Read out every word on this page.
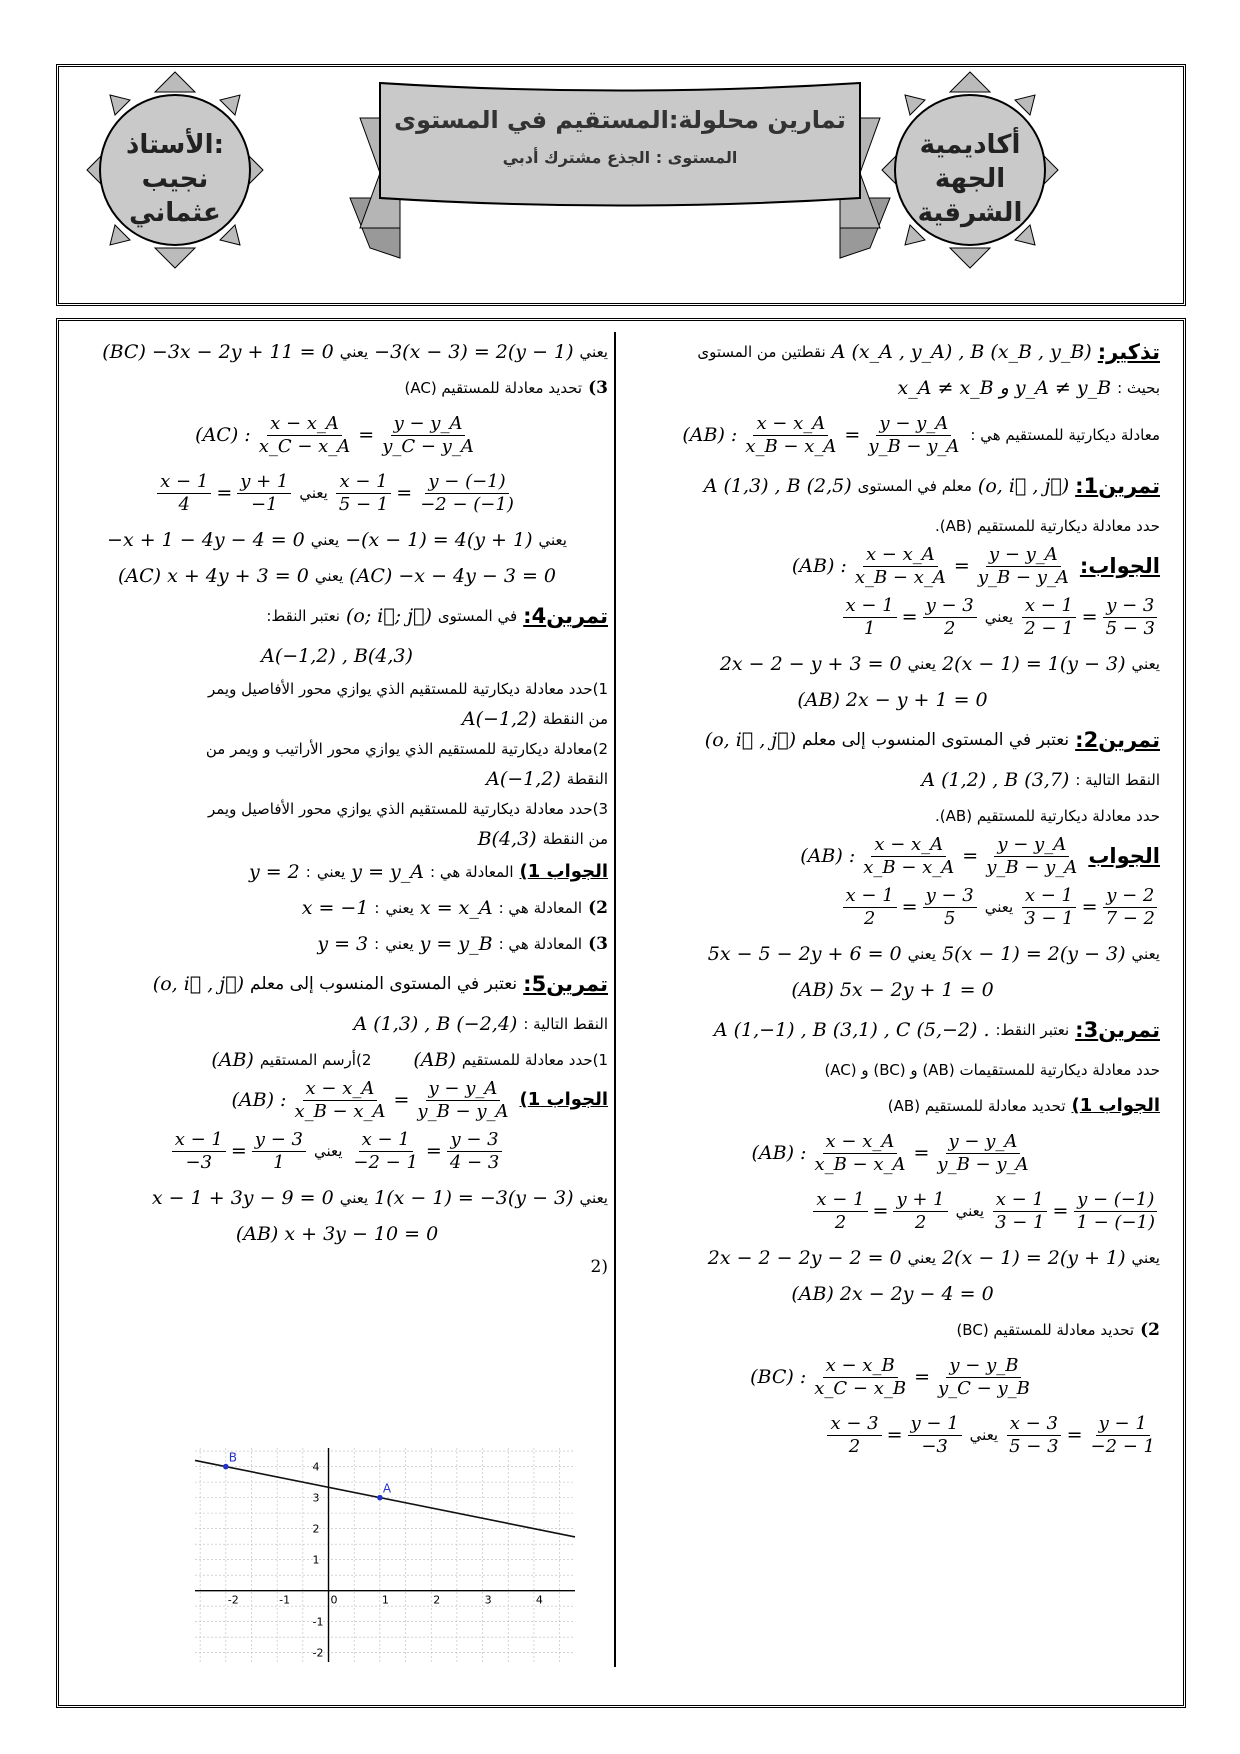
أكاديمية
الجهة
الشرقية
الأستاذ:
نجيب
عثماني
تمارين محلولة:المستقيم في المستوى
المستوى : الجذع مشترك أدبي
تذكير:
A (x_A , y_A) , B (x_B , y_B)
نقطتين من المستوى
بحيث :
x_A ≠ x_B و y_A ≠ y_B
معادلة ديكارتية للمستقيم هي :
(AB) : $\frac{x - x\_A}{x\_B - x\_A} = \frac{y - y\_A}{y\_B - y\_A}$
تمرين1:
(o, i⃗ , j⃗)
معلم في المستوى
A (1,3) , B (2,5)
حدد معادلة ديكارتية للمستقيم (AB).
الجواب:
(AB) : $\frac{x - x\_A}{x\_B - x\_A} = \frac{y - y\_A}{y\_B - y\_A}$
$\frac{x - 1}{2 - 1} = \frac{y - 3}{5 - 3}$
يعني
$\frac{x - 1}{1} = \frac{y - 3}{2}$
يعني
2(x − 1) = 1(y − 3)
يعني
2x − 2 − y + 3 = 0
(AB) 2x − y + 1 = 0
تمرين2:
نعتبر في المستوى المنسوب إلى معلم
(o, i⃗ , j⃗)
النقط التالية :
A (1,2) , B (3,7)
حدد معادلة ديكارتية للمستقيم (AB).
الجواب
(AB) : $\frac{x - x\_A}{x\_B - x\_A} = \frac{y - y\_A}{y\_B - y\_A}$
$\frac{x - 1}{3 - 1} = \frac{y - 2}{7 - 2}$
يعني
$\frac{x - 1}{2} = \frac{y - 3}{5}$
يعني
5(x − 1) = 2(y − 3)
يعني
5x − 5 − 2y + 6 = 0
(AB) 5x − 2y + 1 = 0
تمرين3:
نعتبر النقط:
A (1,−1) , B (3,1) , C (5,−2) .
حدد معادلة ديكارتية للمستقيمات (AB) و (BC) و (AC)
الجواب 1)
تحديد معادلة للمستقيم (AB)
(AB) : $\frac{x - x\_A}{x\_B - x\_A} = \frac{y - y\_A}{y\_B - y\_A}$
$\frac{x - 1}{3 - 1} = \frac{y - (-1)}{1 - (-1)}$
يعني
$\frac{x - 1}{2} = \frac{y + 1}{2}$
يعني
2(x − 1) = 2(y + 1)
يعني
2x − 2 − 2y − 2 = 0
(AB) 2x − 2y − 4 = 0
2)
تحديد معادلة للمستقيم (BC)
(BC) : $\frac{x - x\_B}{x\_C - x\_B} = \frac{y - y\_B}{y\_C - y\_B}$
$\frac{x - 3}{5 - 3} = \frac{y - 1}{-2 - 1}$
يعني
$\frac{x - 3}{2} = \frac{y - 1}{-3}$
يعني
−3(x − 3) = 2(y − 1)
يعني
(BC) −3x − 2y + 11 = 0
3)
تحديد معادلة للمستقيم (AC)
(AC) : $\frac{x - x\_A}{x\_C - x\_A} = \frac{y - y\_A}{y\_C - y\_A}$
$\frac{x - 1}{5 - 1} = \frac{y - (-1)}{-2 - (-1)}$
يعني
$\frac{x - 1}{4} = \frac{y + 1}{-1}$
يعني
−(x − 1) = 4(y + 1)
يعني
−x + 1 − 4y − 4 = 0
(AC) −x − 4y − 3 = 0
يعني
(AC) x + 4y + 3 = 0
تمرين4:
في المستوى
(o; i⃗; j⃗)
نعتبر النقط:
A(−1,2) , B(4,3)
1)حدد معادلة ديكارتية للمستقيم الذي يوازي محور الأفاصيل ويمر
من النقطة
A(−1,2)
2)معادلة ديكارتية للمستقيم الذي يوازي محور الأراتيب و ويمر من
النقطة
A(−1,2)
3)حدد معادلة ديكارتية للمستقيم الذي يوازي محور الأفاصيل ويمر
من النقطة
B(4,3)
الجواب 1)
المعادلة هي :
y = y_A
يعني
:
y = 2
2)
المعادلة هي :
x = x_A
يعني
:
x = −1
3)
المعادلة هي :
y = y_B
يعني
:
y = 3
تمرين5:
نعتبر في المستوى المنسوب إلى معلم
(o, i⃗ , j⃗)
النقط التالية :
A (1,3) , B (−2,4)
1)حدد معادلة للمستقيم
(AB)
2)أرسم المستقيم
(AB)
الجواب 1)
(AB) : $\frac{x - x\_A}{x\_B - x\_A} = \frac{y - y\_A}{y\_B - y\_A}$
$\frac{x - 1}{-2 - 1} = \frac{y - 3}{4 - 3}$
يعني
$\frac{x - 1}{-3} = \frac{y - 3}{1}$
يعني
1(x − 1) = −3(y − 3)
يعني
x − 1 + 3y − 9 = 0
(AB) x + 3y − 10 = 0
(2
-2	-1	0	1	2	3	4
-2
-1
1
2
3
4
A
B
